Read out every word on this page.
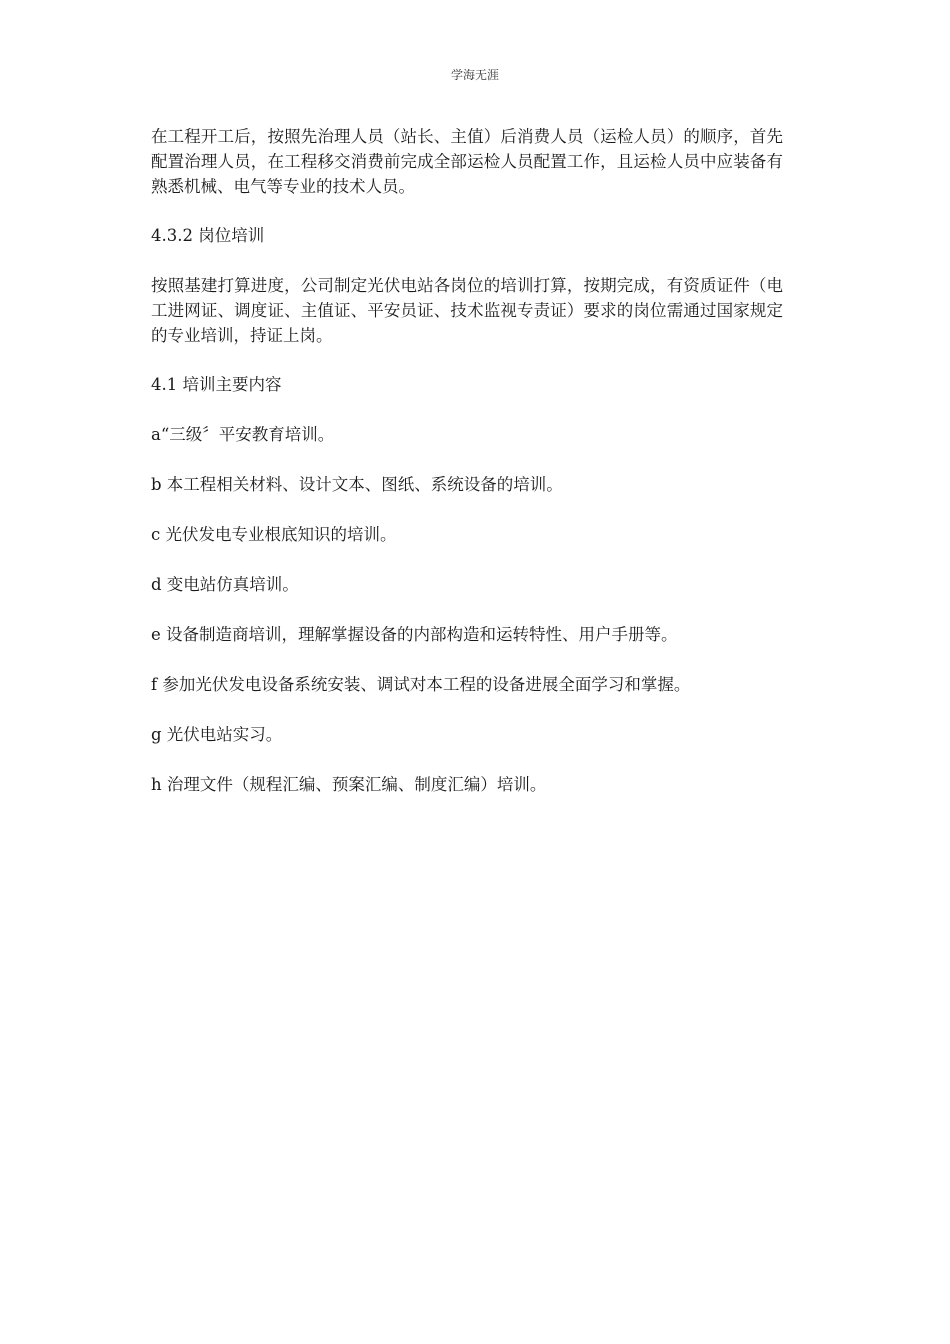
学海无涯

在工程开工后，按照先治理人员（站长、主值）后消费人员（运检人员）的顺序，首先配置治理人员，在工程移交消费前完成全部运检人员配置工作，且运检人员中应装备有熟悉机械、电气等专业的技术人员。

4.3.2 岗位培训

按照基建打算进度，公司制定光伏电站各岗位的培训打算，按期完成，有资质证件（电工进网证、调度证、主值证、平安员证、技术监视专责证）要求的岗位需通过国家规定的专业培训，持证上岗。

4.1 培训主要内容

a“三级〞平安教育培训。

b 本工程相关材料、设计文本、图纸、系统设备的培训。

c 光伏发电专业根底知识的培训。

d 变电站仿真培训。

e 设备制造商培训，理解掌握设备的内部构造和运转特性、用户手册等。

f 参加光伏发电设备系统安装、调试对本工程的设备进展全面学习和掌握。

g 光伏电站实习。

h 治理文件（规程汇编、预案汇编、制度汇编）培训。
